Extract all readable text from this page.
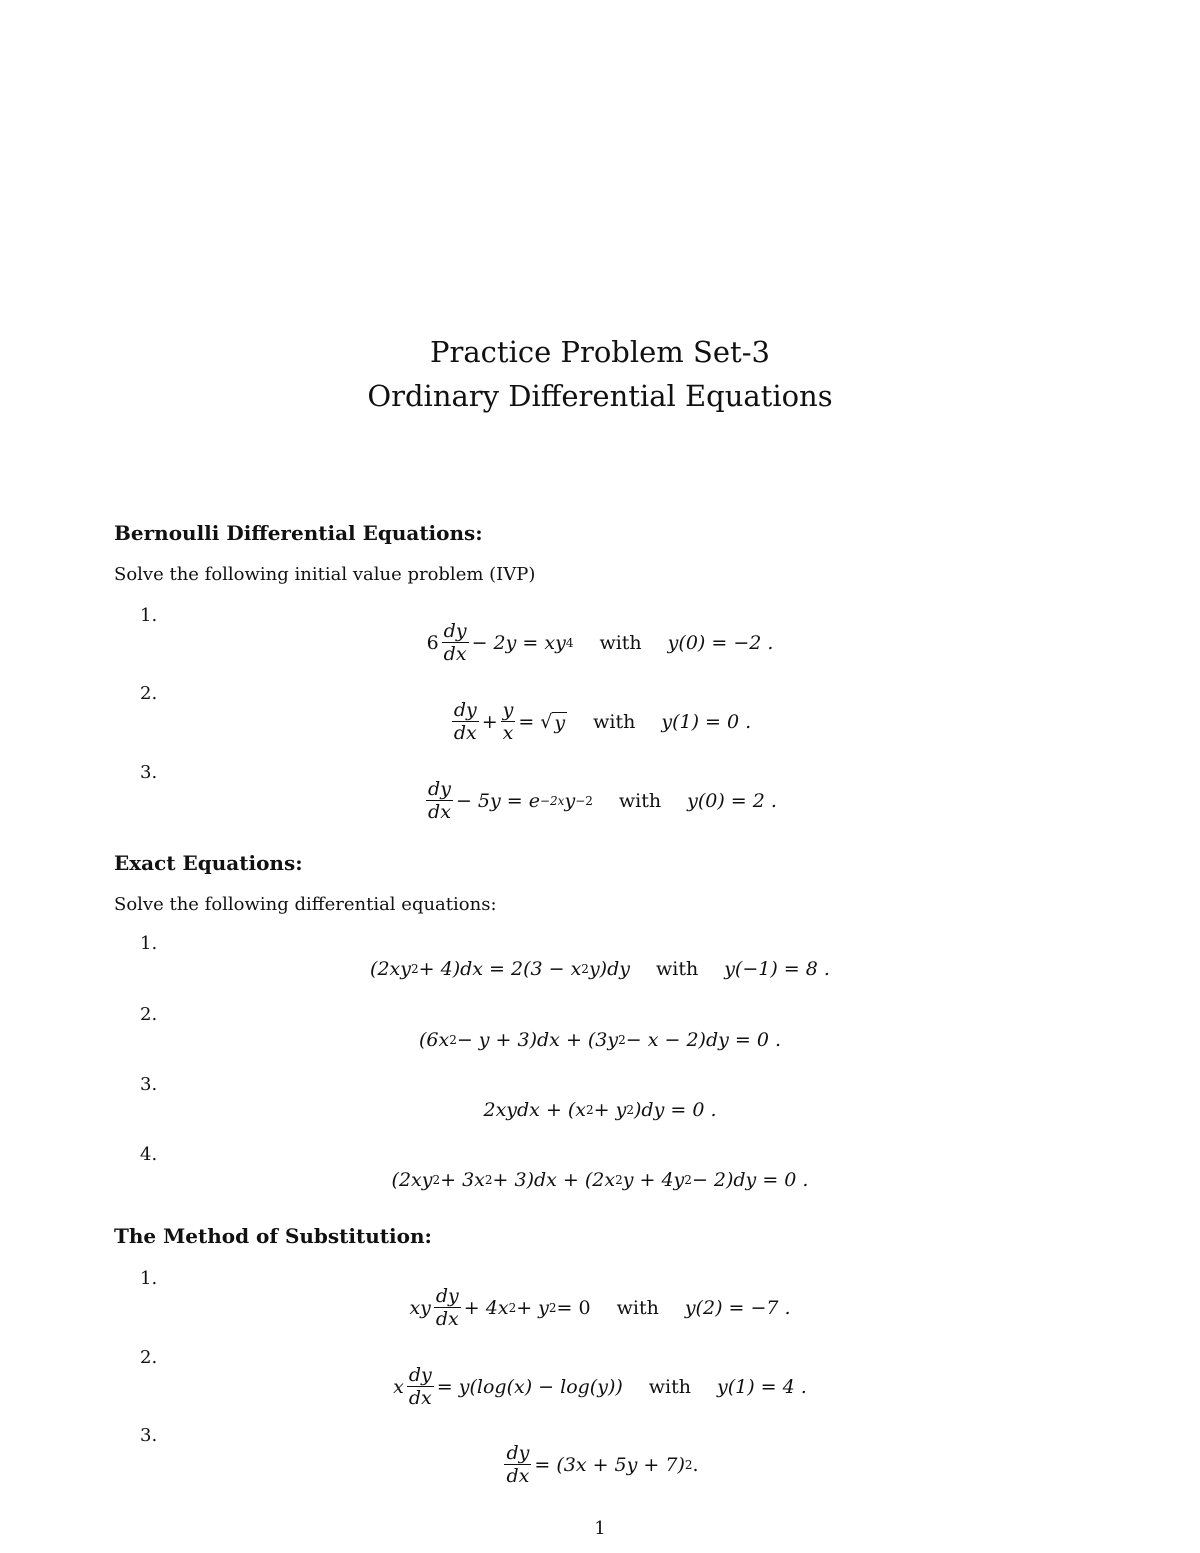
Practice Problem Set-3

Ordinary Differential Equations

Bernoulli Differential Equations:

Solve the following initial value problem (IVP)

1.
$6 \frac{dy}{dx} - 2y$ = xy 4 with y(0) = −2 .
2.
$\frac{dy}{dx} + \frac{y}{x}$ = √ y with y(1) = 0 .
3.
$\frac{dy}{dx} - 5y = e -2x$ y −2 with y(0) = 2 .

Exact Equations:

Solve the following differential equations:

1.
(2xy 2 + 4)dx = 2(3 − x 2 y)dy with y(−1) = 8 .
2.
(6x 2 − y + 3)dx + (3y 2 − x − 2)dy = 0 .
3.
2xydx + (x 2 + y 2 )dy = 0 .
4.
(2xy 2 + 3x 2 + 3)dx + (2x 2 y + 4y 2 − 2)dy = 0 .

The Method of Substitution:

1.
xy $\frac{dy}{dx} + 4x$ 2 + y 2 = 0 with y(2) = −7 .
2.
x $\frac{dy}{dx} = y(\log(x) - \log(y))$ with y(1) = 4 .
3.
$\frac{dy}{dx} = (3x + 5y + 7)$ 2 .
1
